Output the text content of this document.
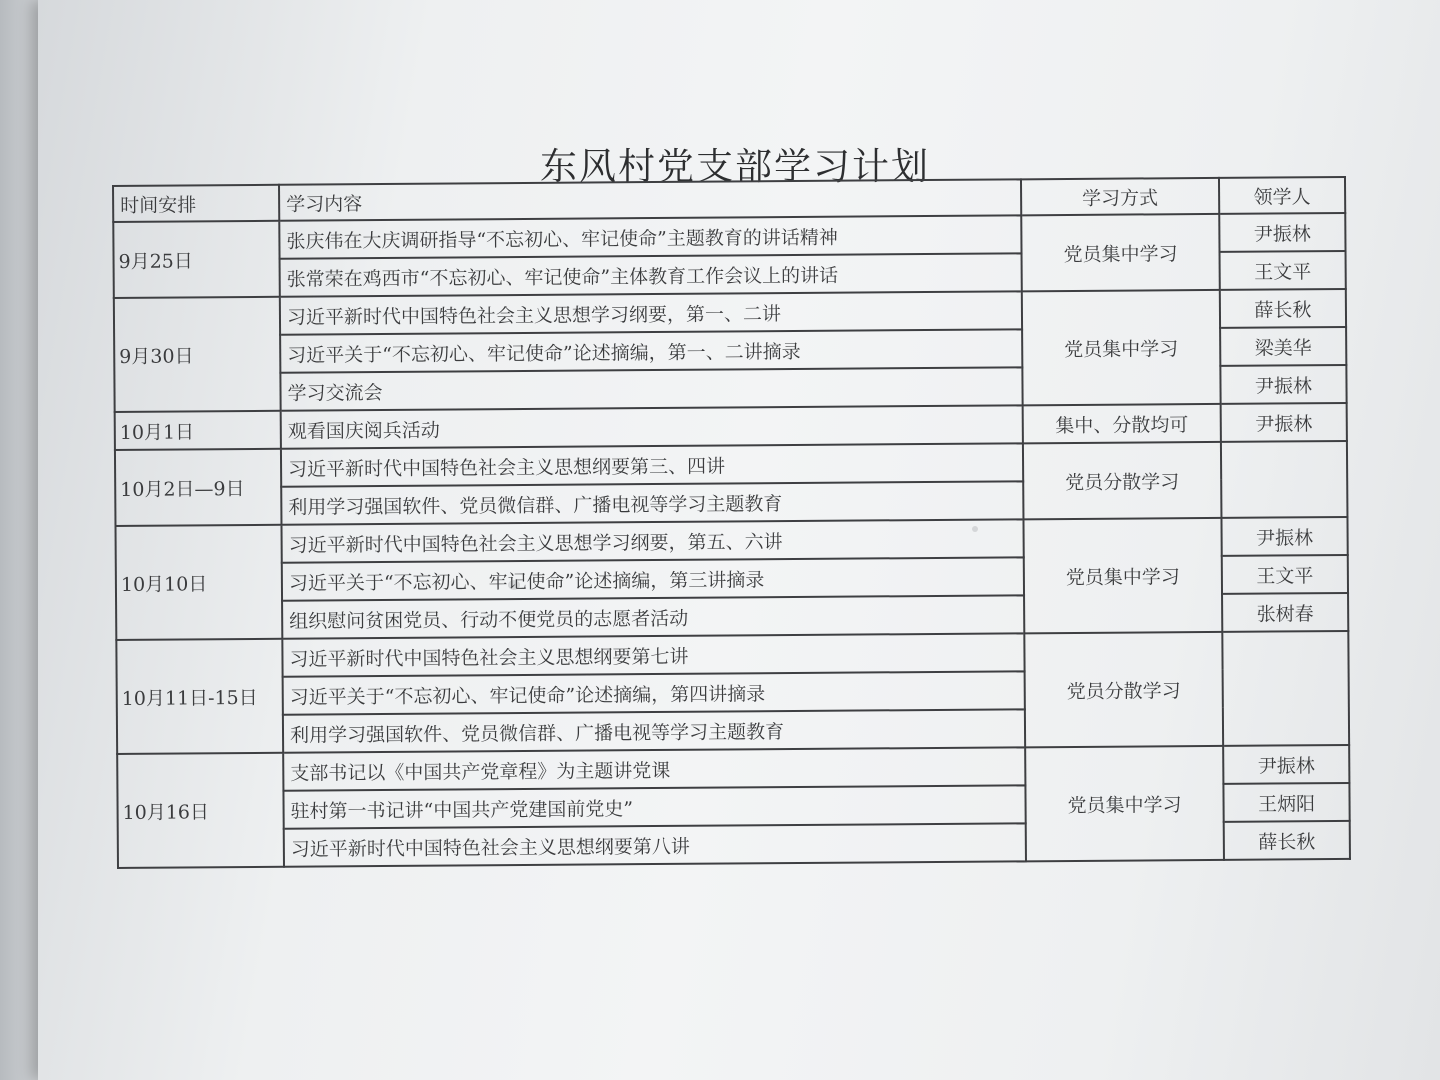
东风村党支部学习计划
时间安排	学习内容	学习方式	领学人
9月25日	张庆伟在大庆调研指导“不忘初心、牢记使命”主题教育的讲话精神	党员集中学习	尹振林
	张常荣在鸡西市“不忘初心、牢记使命”主体教育工作会议上的讲话		王文平
9月30日	习近平新时代中国特色社会主义思想学习纲要，第一、二讲	党员集中学习	薛长秋
	习近平关于“不忘初心、牢记使命”论述摘编，第一、二讲摘录		梁美华
	学习交流会		尹振林
10月1日	观看国庆阅兵活动	集中、分散均可	尹振林
10月2日—9日	习近平新时代中国特色社会主义思想纲要第三、四讲	党员分散学习	
	利用学习强国软件、党员微信群、广播电视等学习主题教育		
10月10日	习近平新时代中国特色社会主义思想学习纲要，第五、六讲	党员集中学习	尹振林
	习近平关于“不忘初心、牢记使命”论述摘编，第三讲摘录		王文平
	组织慰问贫困党员、行动不便党员的志愿者活动		张树春
10月11日-15日	习近平新时代中国特色社会主义思想纲要第七讲	党员分散学习	
	习近平关于“不忘初心、牢记使命”论述摘编，第四讲摘录		
	利用学习强国软件、党员微信群、广播电视等学习主题教育		
10月16日	支部书记以《中国共产党章程》为主题讲党课	党员集中学习	尹振林
	驻村第一书记讲“中国共产党建国前党史”		王炳阳
	习近平新时代中国特色社会主义思想纲要第八讲		薛长秋
